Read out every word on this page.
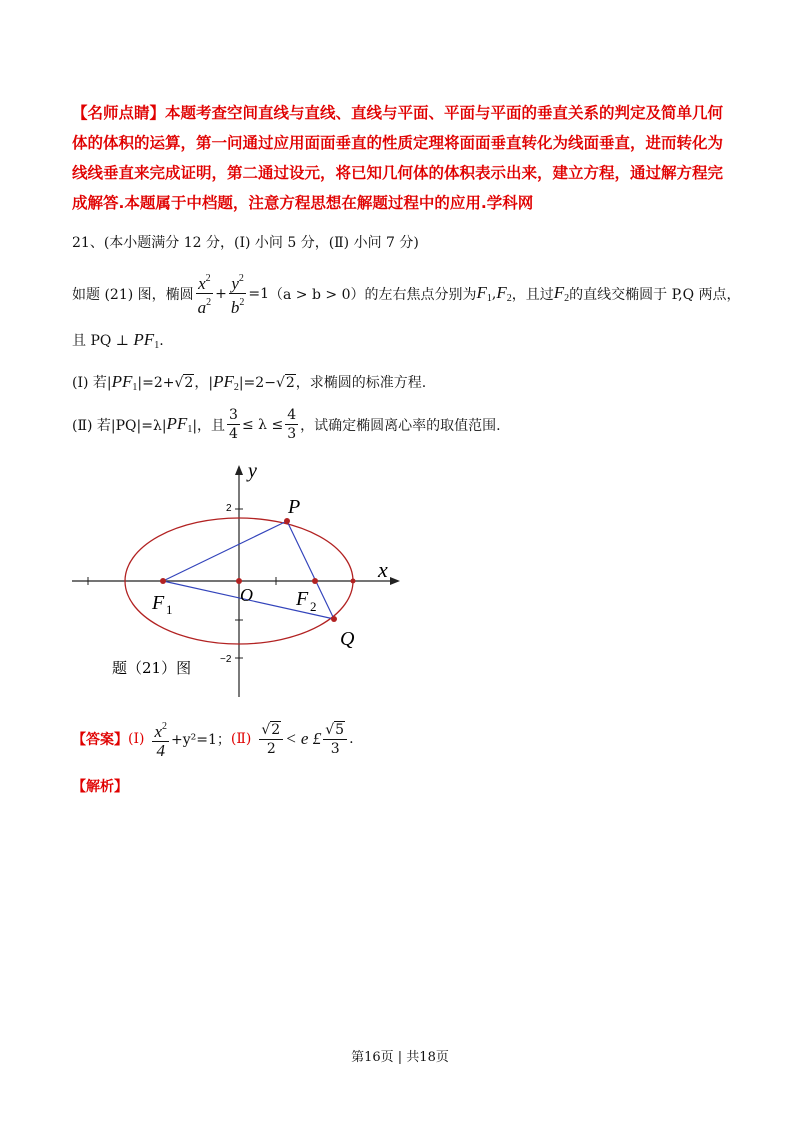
【名师点睛】本题考查空间直线与直线、直线与平面、平面与平面的垂直关系的判定及简单几何体的体积的运算，第一问通过应用面面垂直的性质定理将面面垂直转化为线面垂直，进而转化为线线垂直来完成证明，第二通过设元，将已知几何体的体积表示出来，建立方程，通过解方程完成解答.本题属于中档题，注意方程思想在解题过程中的应用.学科网
21、(本小题满分 12 分，(Ⅰ) 小问 5 分，(Ⅱ) 小问 7 分)
如题 (21) 图，椭圆 $\frac{x^2}{a^2} + \frac{y^2}{b^2} =1$ （a > b > 0）的左右焦点分别为 $F_1$ , $F_2$ ，且过 $F_2$ 的直线交椭圆于 P,Q 两点，
且 PQ ⊥ $PF_1$.
(Ⅰ) 若$|PF_1|=2+√2$，$|PF_2|=2-√2$，求椭圆的标准方程.
(Ⅱ) 若|PQ|=λ| $PF_1$ |，且 $\frac{3}{4} \le \lambda \le \frac{4}{3}$ ，试确定椭圆离心率的取值范围.
y
x
P
Q
O
F 1	F 2
2
−2
题（21）图
【答案】 (Ⅰ) $\frac{x^2}{4} +y^2=1$； (Ⅱ) $\frac{√2}{2} < e$ £ $\frac{√5}{3}$ .
【解析】
第16页 | 共18页
